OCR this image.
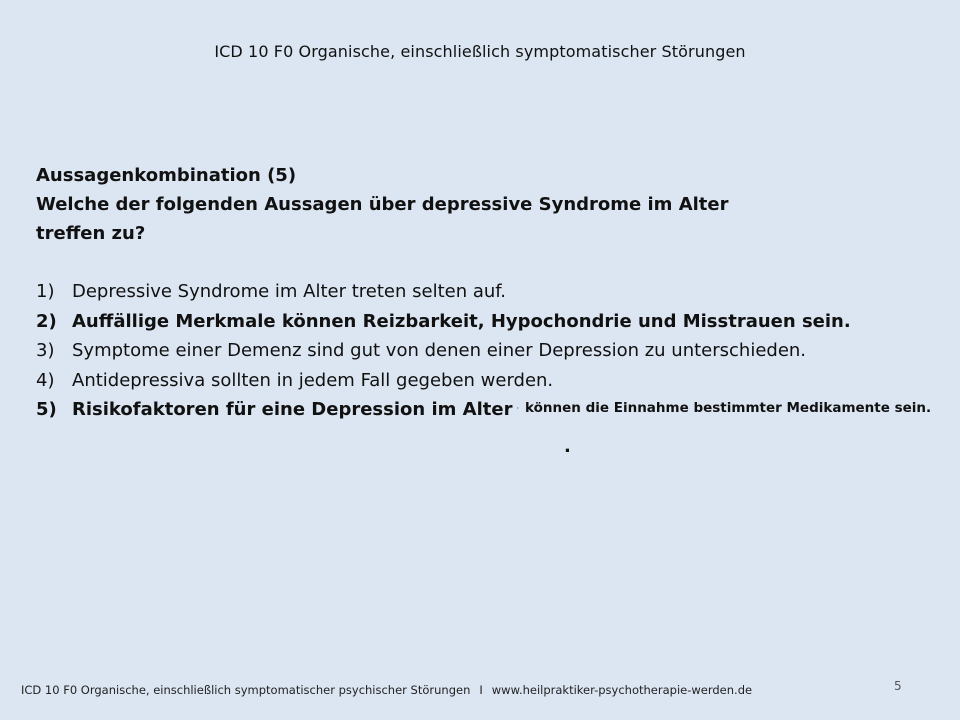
ICD 10 F0 Organische, einschließlich symptomatischer Störungen

Aussagenkombination (5)

Welche der folgenden Aussagen über depressive Syndrome im Alter treffen zu?

1) Depressive Syndrome im Alter treten selten auf.
2) Auffällige Merkmale können Reizbarkeit, Hypochondrie und Misstrauen sein.
3) Symptome einer Demenz sind gut von denen einer Depression zu unterschieden.
4) Antidepressiva sollten in jedem Fall gegeben werden.
5) Risikofaktoren für eine Depression im Alter · können die Einnahme bestimmter Medikamente sein.
.
ICD 10 F0 Organische, einschließlich symptomatischer psychischer Störungen I www.heilpraktiker-psychotherapie-werden.de	5
